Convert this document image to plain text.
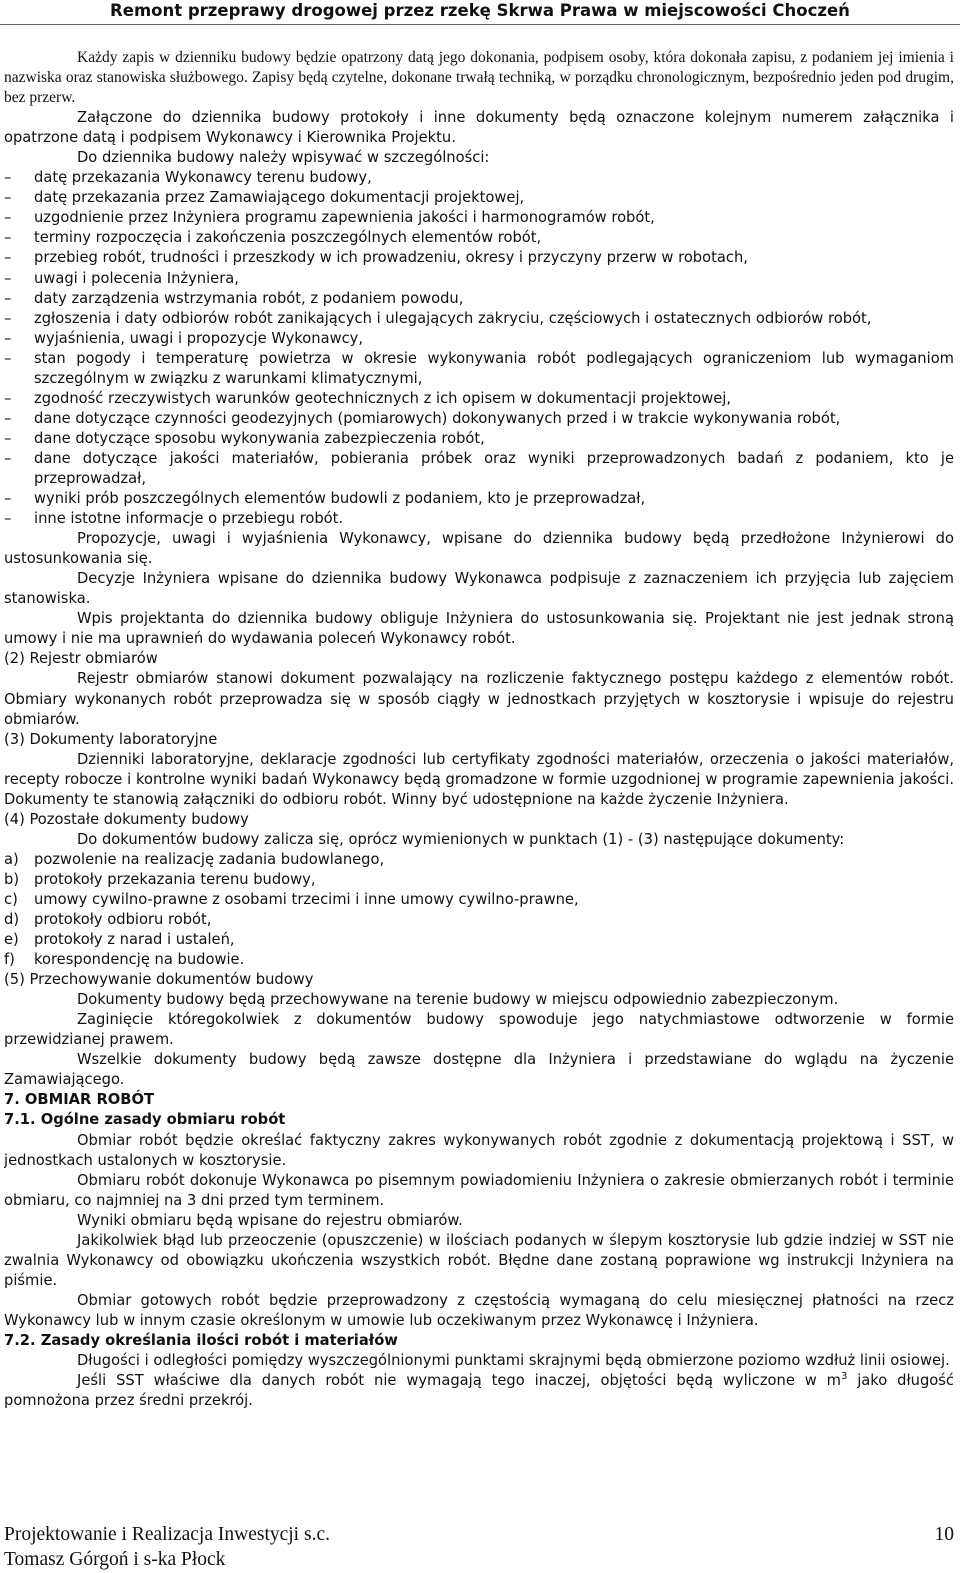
Remont przeprawy drogowej przez rzekę Skrwa Prawa w miejscowości Choczeń

Każdy zapis w dzienniku budowy będzie opatrzony datą jego dokonania, podpisem osoby, która dokonała zapisu, z podaniem jej imienia i nazwiska oraz stanowiska służbowego. Zapisy będą czytelne, dokonane trwałą techniką, w porządku chronologicznym, bezpośrednio jeden pod drugim, bez przerw.

Załączone do dziennika budowy protokoły i inne dokumenty będą oznaczone kolejnym numerem załącznika i opatrzone datą i podpisem Wykonawcy i Kierownika Projektu.

Do dziennika budowy należy wpisywać w szczególności:

– datę przekazania Wykonawcy terenu budowy,
– datę przekazania przez Zamawiającego dokumentacji projektowej,
– uzgodnienie przez Inżyniera programu zapewnienia jakości i harmonogramów robót,
– terminy rozpoczęcia i zakończenia poszczególnych elementów robót,
– przebieg robót, trudności i przeszkody w ich prowadzeniu, okresy i przyczyny przerw w robotach,
– uwagi i polecenia Inżyniera,
– daty zarządzenia wstrzymania robót, z podaniem powodu,
– zgłoszenia i daty odbiorów robót zanikających i ulegających zakryciu, częściowych i ostatecznych odbiorów robót,
– wyjaśnienia, uwagi i propozycje Wykonawcy,
– stan pogody i temperaturę powietrza w okresie wykonywania robót podlegających ograniczeniom lub wymaganiom szczególnym w związku z warunkami klimatycznymi,
– zgodność rzeczywistych warunków geotechnicznych z ich opisem w dokumentacji projektowej,
– dane dotyczące czynności geodezyjnych (pomiarowych) dokonywanych przed i w trakcie wykonywania robót,
– dane dotyczące sposobu wykonywania zabezpieczenia robót,
– dane dotyczące jakości materiałów, pobierania próbek oraz wyniki przeprowadzonych badań z podaniem, kto je przeprowadzał,
– wyniki prób poszczególnych elementów budowli z podaniem, kto je przeprowadzał,
– inne istotne informacje o przebiegu robót.

Propozycje, uwagi i wyjaśnienia Wykonawcy, wpisane do dziennika budowy będą przedłożone Inżynierowi do ustosunkowania się.

Decyzje Inżyniera wpisane do dziennika budowy Wykonawca podpisuje z zaznaczeniem ich przyjęcia lub zajęciem stanowiska.

Wpis projektanta do dziennika budowy obliguje Inżyniera do ustosunkowania się. Projektant nie jest jednak stroną umowy i nie ma uprawnień do wydawania poleceń Wykonawcy robót.

(2) Rejestr obmiarów

Rejestr obmiarów stanowi dokument pozwalający na rozliczenie faktycznego postępu każdego z elementów robót. Obmiary wykonanych robót przeprowadza się w sposób ciągły w jednostkach przyjętych w kosztorysie i wpisuje do rejestru obmiarów.

(3) Dokumenty laboratoryjne

Dzienniki laboratoryjne, deklaracje zgodności lub certyfikaty zgodności materiałów, orzeczenia o jakości materiałów, recepty robocze i kontrolne wyniki badań Wykonawcy będą gromadzone w formie uzgodnionej w programie zapewnienia jakości. Dokumenty te stanowią załączniki do odbioru robót. Winny być udostępnione na każde życzenie Inżyniera.

(4) Pozostałe dokumenty budowy

Do dokumentów budowy zalicza się, oprócz wymienionych w punktach (1) - (3) następujące dokumenty:

a) pozwolenie na realizację zadania budowlanego,
b) protokoły przekazania terenu budowy,
c) umowy cywilno-prawne z osobami trzecimi i inne umowy cywilno-prawne,
d) protokoły odbioru robót,
e) protokoły z narad i ustaleń,
f) korespondencję na budowie.

(5) Przechowywanie dokumentów budowy

Dokumenty budowy będą przechowywane na terenie budowy w miejscu odpowiednio zabezpieczonym.

Zaginięcie któregokolwiek z dokumentów budowy spowoduje jego natychmiastowe odtworzenie w formie przewidzianej prawem.

Wszelkie dokumenty budowy będą zawsze dostępne dla Inżyniera i przedstawiane do wglądu na życzenie Zamawiającego.

7. OBMIAR ROBÓT

7.1. Ogólne zasady obmiaru robót

Obmiar robót będzie określać faktyczny zakres wykonywanych robót zgodnie z dokumentacją projektową i SST, w jednostkach ustalonych w kosztorysie.

Obmiaru robót dokonuje Wykonawca po pisemnym powiadomieniu Inżyniera o zakresie obmierzanych robót i terminie obmiaru, co najmniej na 3 dni przed tym terminem.

Wyniki obmiaru będą wpisane do rejestru obmiarów.

Jakikolwiek błąd lub przeoczenie (opuszczenie) w ilościach podanych w ślepym kosztorysie lub gdzie indziej w SST nie zwalnia Wykonawcy od obowiązku ukończenia wszystkich robót. Błędne dane zostaną poprawione wg instrukcji Inżyniera na piśmie.

Obmiar gotowych robót będzie przeprowadzony z częstością wymaganą do celu miesięcznej płatności na rzecz Wykonawcy lub w innym czasie określonym w umowie lub oczekiwanym przez Wykonawcę i Inżyniera.

7.2. Zasady określania ilości robót i materiałów

Długości i odległości pomiędzy wyszczególnionymi punktami skrajnymi będą obmierzone poziomo wzdłuż linii osiowej.

Jeśli SST właściwe dla danych robót nie wymagają tego inaczej, objętości będą wyliczone w $m^3$ jako długość pomnożona przez średni przekrój.

Projektowanie i Realizacja Inwestycji s.c.
Tomasz Górgoń i s-ka Płock
10
